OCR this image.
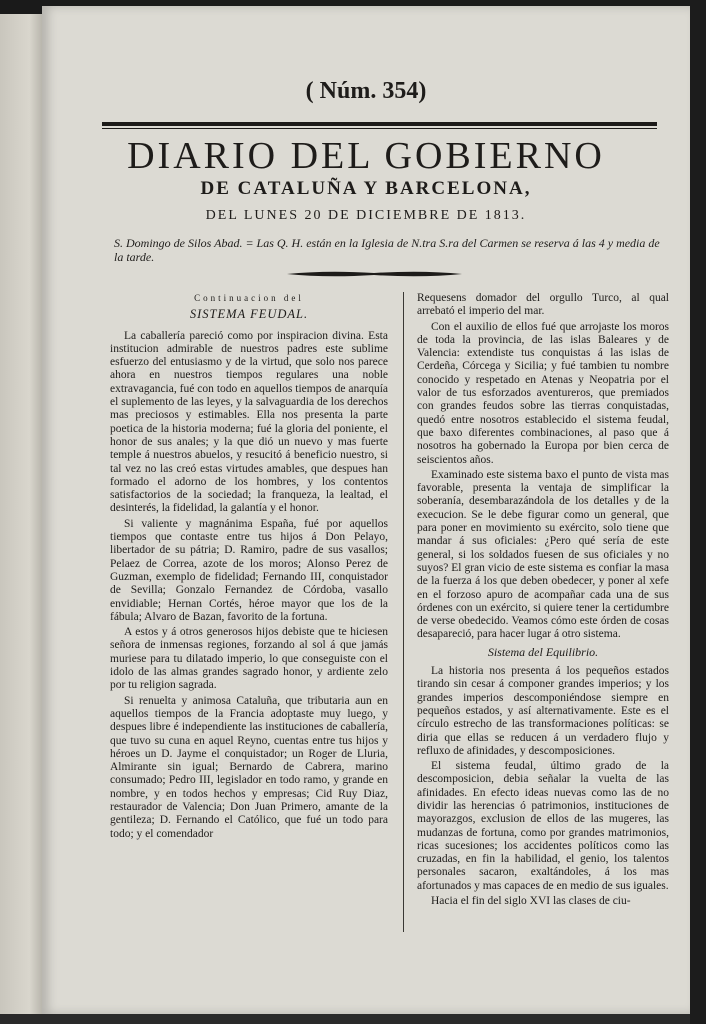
( Núm. 354)
DIARIO DEL GOBIERNO
DE CATALUÑA Y BARCELONA,
DEL LUNES 20 DE DICIEMBRE DE 1813.
S. Domingo de Silos Abad. = Las Q. H. están en la Iglesia de N.tra S.ra del Carmen se reserva á las 4 y media de la tarde.
Continuacion del
SISTEMA FEUDAL.

La caballería pareció como por inspiracion divina. Esta institucion admirable de nuestros padres este sublime esfuerzo del entusiasmo y de la virtud, que solo nos parece ahora en nuestros tiempos regulares una noble extravagancia, fué con todo en aquellos tiempos de anarquía el suplemento de las leyes, y la salvaguardia de los derechos mas preciosos y estimables. Ella nos presenta la parte poetica de la historia moderna; fué la gloria del poniente, el honor de sus anales; y la que dió un nuevo y mas fuerte temple á nuestros abuelos, y resucitó á beneficio nuestro, si tal vez no las creó estas virtudes amables, que despues han formado el adorno de los hombres, y los contentos satisfactorios de la sociedad; la franqueza, la lealtad, el desinterés, la fidelidad, la galantía y el honor.

Si valiente y magnánima España, fué por aquellos tiempos que contaste entre tus hijos á Don Pelayo, libertador de su pátria; D. Ramiro, padre de sus vasallos; Pelaez de Correa, azote de los moros; Alonso Perez de Guzman, exemplo de fidelidad; Fernando III, conquistador de Sevilla; Gonzalo Fernandez de Córdoba, vasallo envidiable; Hernan Cortés, héroe mayor que los de la fábula; Alvaro de Bazan, favorito de la fortuna.

A estos y á otros generosos hijos debiste que te hiciesen señora de inmensas regiones, forzando al sol á que jamás muriese para tu dilatado imperio, lo que conseguiste con el idolo de las almas grandes sagrado honor, y ardiente zelo por tu religion sagrada.

Si renuelta y animosa Cataluña, que tributaria aun en aquellos tiempos de la Francia adoptaste muy luego, y despues libre é independiente las instituciones de caballería, que tuvo su cuna en aquel Reyno, cuentas entre tus hijos y héroes un D. Jayme el conquistador; un Roger de Lluria, Almirante sin igual; Bernardo de Cabrera, marino consumado; Pedro III, legislador en todo ramo, y grande en nombre, y en todos hechos y empresas; Cid Ruy Diaz, restaurador de Valencia; Don Juan Primero, amante de la gentileza; D. Fernando el Católico, que fué un todo para todo; y el comendador

Requesens domador del orgullo Turco, al qual arrebató el imperio del mar.

Con el auxilio de ellos fué que arrojaste los moros de toda la provincia, de las islas Baleares y de Valencia: extendiste tus conquistas á las islas de Cerdeña, Córcega y Sicilia; y fué tambien tu nombre conocido y respetado en Atenas y Neopatria por el valor de tus esforzados aventureros, que premiados con grandes feudos sobre las tierras conquistadas, quedó entre nosotros establecido el sistema feudal, que baxo diferentes combinaciones, al paso que á nosotros ha gobernado la Europa por bien cerca de seiscientos años.

Examinado este sistema baxo el punto de vista mas favorable, presenta la ventaja de simplificar la soberanía, desembarazándola de los detalles y de la execucion. Se le debe figurar como un general, que para poner en movimiento su exército, solo tiene que mandar á sus oficiales: ¿Pero qué sería de este general, si los soldados fuesen de sus oficiales y no suyos? El gran vicio de este sistema es confiar la masa de la fuerza á los que deben obedecer, y poner al xefe en el forzoso apuro de acompañar cada una de sus órdenes con un exército, si quiere tener la certidumbre de verse obedecido. Veamos cómo este órden de cosas desapareció, para hacer lugar á otro sistema.

Sistema del Equilibrio.

La historia nos presenta á los pequeños estados tirando sin cesar á componer grandes imperios; y los grandes imperios descomponiéndose siempre en pequeños estados, y así alternativamente. Este es el círculo estrecho de las transformaciones políticas: se diria que ellas se reducen á un verdadero flujo y refluxo de afinidades, y descomposiciones.

El sistema feudal, último grado de la descomposicion, debia señalar la vuelta de las afinidades. En efecto ideas nuevas como las de no dividir las herencias ó patrimonios, instituciones de mayorazgos, exclusion de ellos de las mugeres, las mudanzas de fortuna, como por grandes matrimonios, ricas sucesiones; los accidentes políticos como las cruzadas, en fin la habilidad, el genio, los talentos personales sacaron, exaltándoles, á los mas afortunados y mas capaces de en medio de sus iguales.

Hacia el fin del siglo XVI las clases de ciu-
